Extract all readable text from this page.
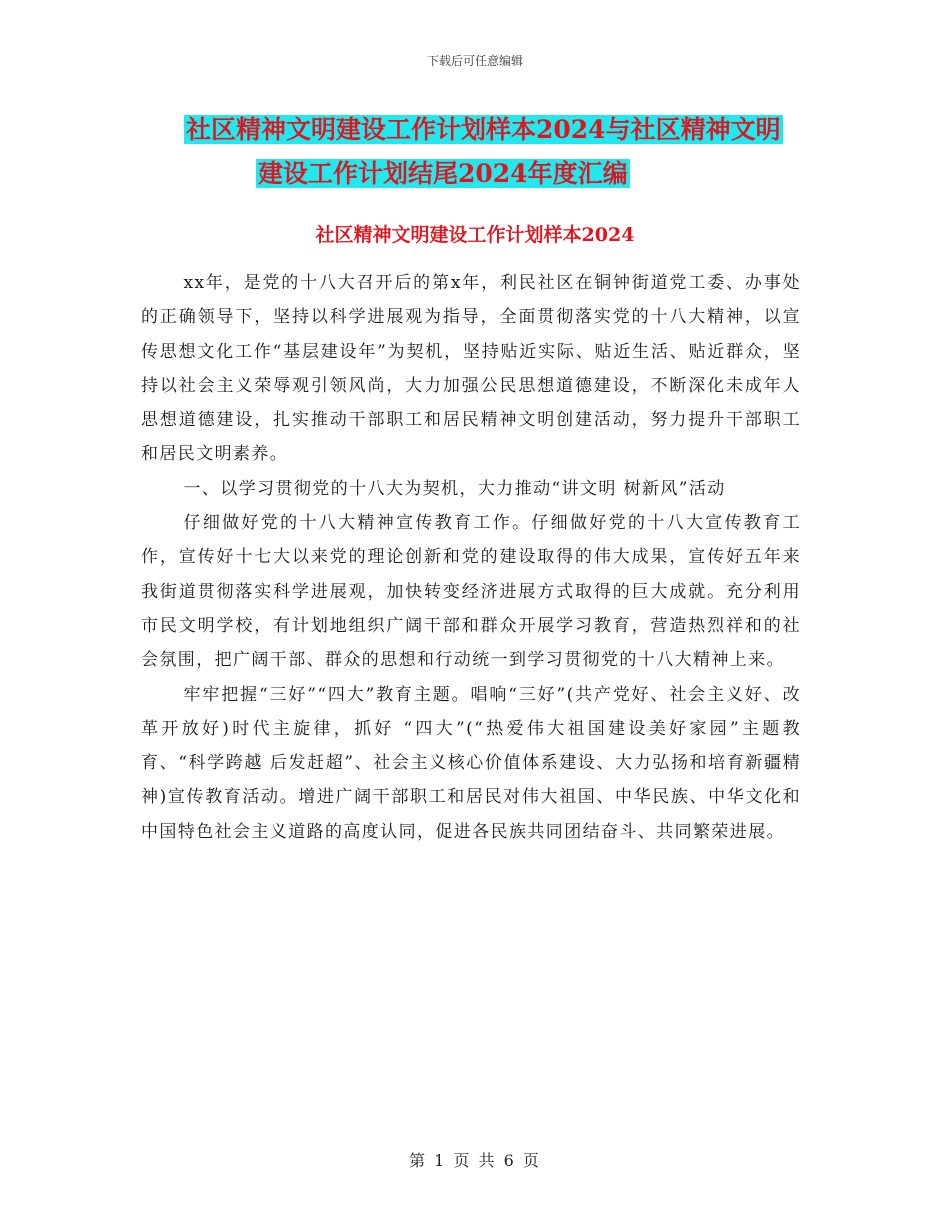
下载后可任意编辑
社区精神文明建设工作计划样本2024与社区精神文明
建设工作计划结尾2024年度汇编
社区精神文明建设工作计划样本2024

xx年，是党的十八大召开后的第x年，利民社区在铜钟街道党工委、办事处的正确领导下，坚持以科学进展观为指导，全面贯彻落实党的十八大精神，以宣传思想文化工作“基层建设年”为契机，坚持贴近实际、贴近生活、贴近群众，坚持以社会主义荣辱观引领风尚，大力加强公民思想道德建设，不断深化未成年人思想道德建设，扎实推动干部职工和居民精神文明创建活动，努力提升干部职工和居民文明素养。

一、以学习贯彻党的十八大为契机，大力推动“讲文明 树新风”活动

仔细做好党的十八大精神宣传教育工作。仔细做好党的十八大宣传教育工作，宣传好十七大以来党的理论创新和党的建设取得的伟大成果，宣传好五年来我街道贯彻落实科学进展观，加快转变经济进展方式取得的巨大成就。充分利用市民文明学校，有计划地组织广阔干部和群众开展学习教育，营造热烈祥和的社会氛围，把广阔干部、群众的思想和行动统一到学习贯彻党的十八大精神上来。

牢牢把握“三好”“四大”教育主题。唱响“三好”(共产党好、社会主义好、改革开放好)时代主旋律，抓好 “四大”(“热爱伟大祖国建设美好家园”主题教育、“科学跨越 后发赶超”、社会主义核心价值体系建设、大力弘扬和培育新疆精神)宣传教育活动。增进广阔干部职工和居民对伟大祖国、中华民族、中华文化和中国特色社会主义道路的高度认同，促进各民族共同团结奋斗、共同繁荣进展。

第 1 页 共 6 页
